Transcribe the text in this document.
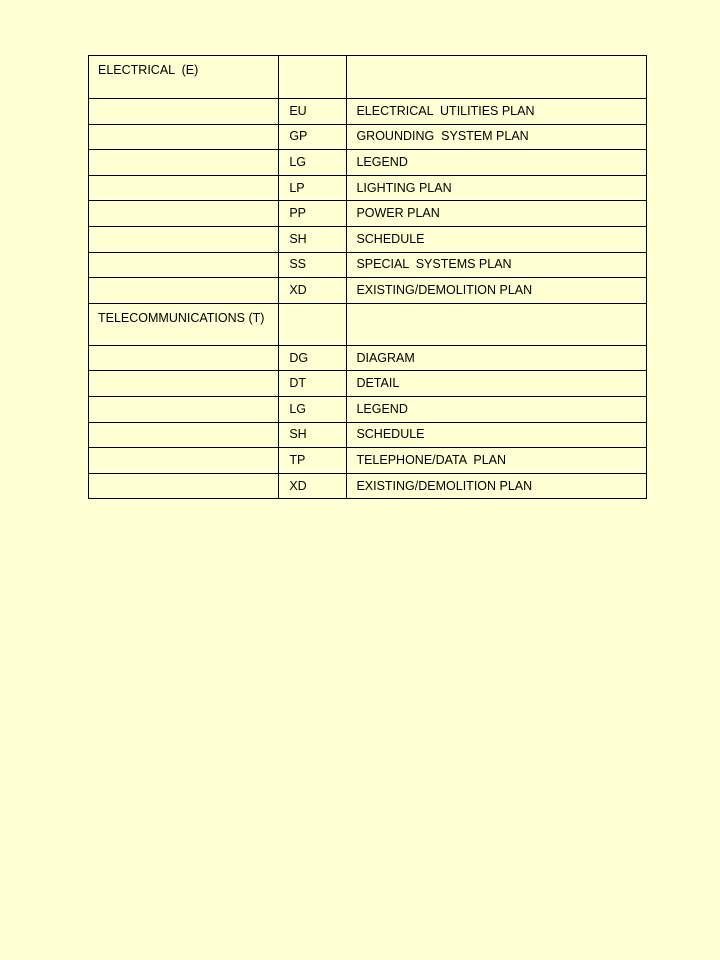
ELECTRICAL  (E)		
	EU	ELECTRICAL  UTILITIES PLAN
	GP	GROUNDING  SYSTEM PLAN
	LG	LEGEND
	LP	LIGHTING PLAN
	PP	POWER PLAN
	SH	SCHEDULE
	SS	SPECIAL  SYSTEMS PLAN
	XD	EXISTING/DEMOLITION PLAN
TELECOMMUNICATIONS (T)		
	DG	DIAGRAM
	DT	DETAIL
	LG	LEGEND
	SH	SCHEDULE
	TP	TELEPHONE/DATA  PLAN
	XD	EXISTING/DEMOLITION PLAN
